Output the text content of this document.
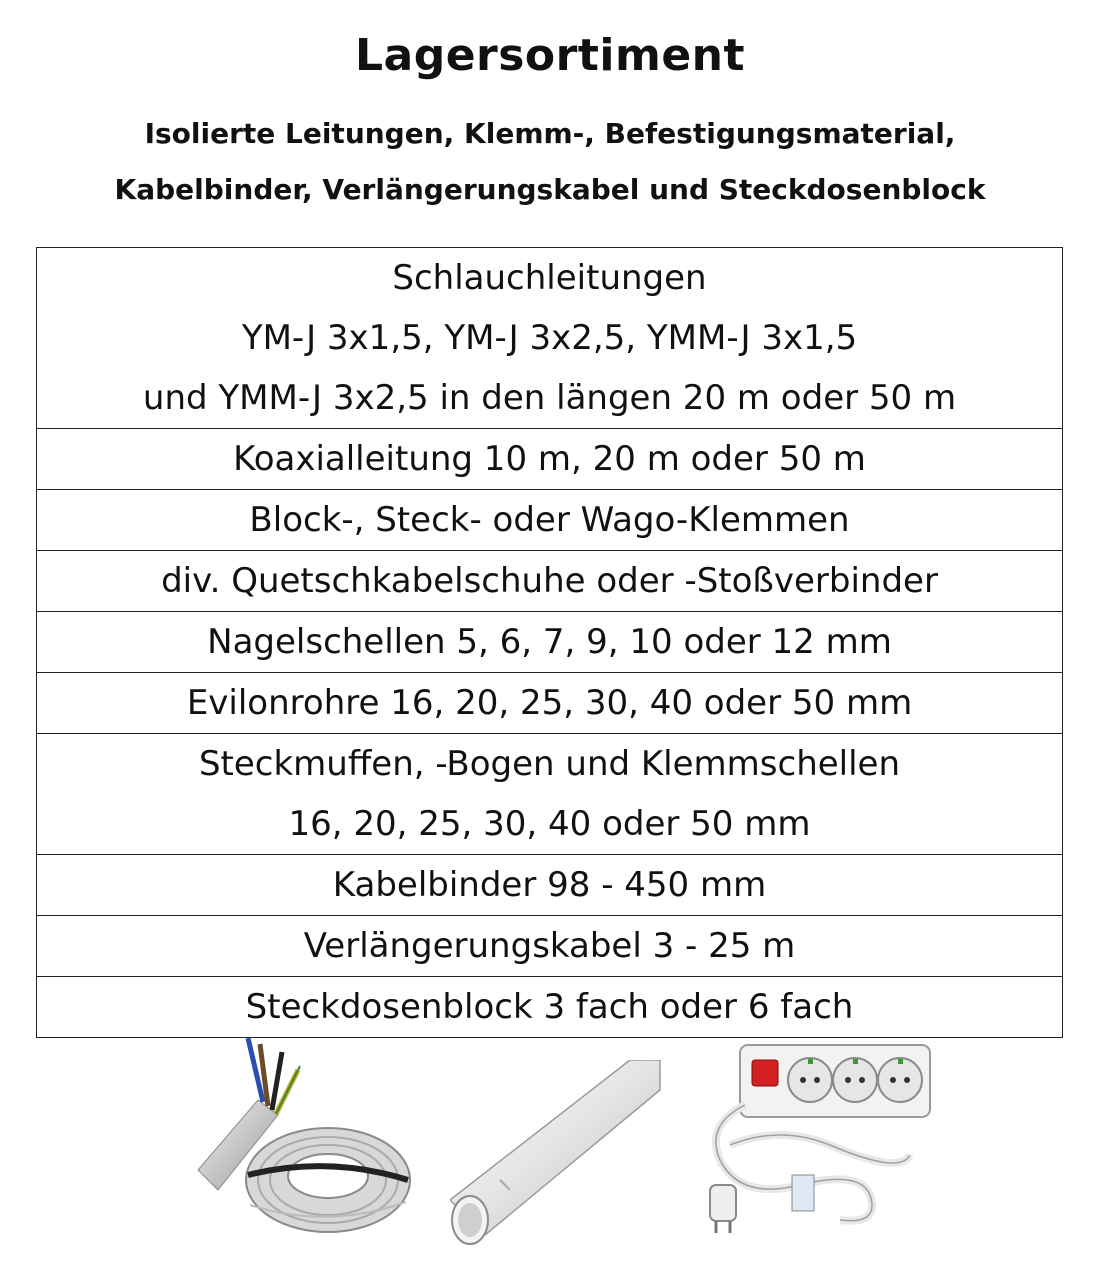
Lagersortiment
Isolierte Leitungen, Klemm-, Befestigungsmaterial,
Kabelbinder, Verlängerungskabel und Steckdosenblock
Schlauchleitungen
YM-J 3x1,5, YM-J 3x2,5, YMM-J 3x1,5
und YMM-J 3x2,5 in den längen 20 m oder 50 m

Koaxialleitung 10 m, 20 m oder 50 m

Block-, Steck- oder Wago-Klemmen

div. Quetschkabelschuhe oder -Stoßverbinder

Nagelschellen 5, 6, 7, 9, 10 oder 12 mm

Evilonrohre 16, 20, 25, 30, 40 oder 50 mm

Steckmuffen, -Bogen und Klemmschellen
16, 20, 25, 30, 40 oder 50 mm

Kabelbinder 98 - 450 mm

Verlängerungskabel 3 - 25 m

Steckdosenblock 3 fach oder 6 fach
